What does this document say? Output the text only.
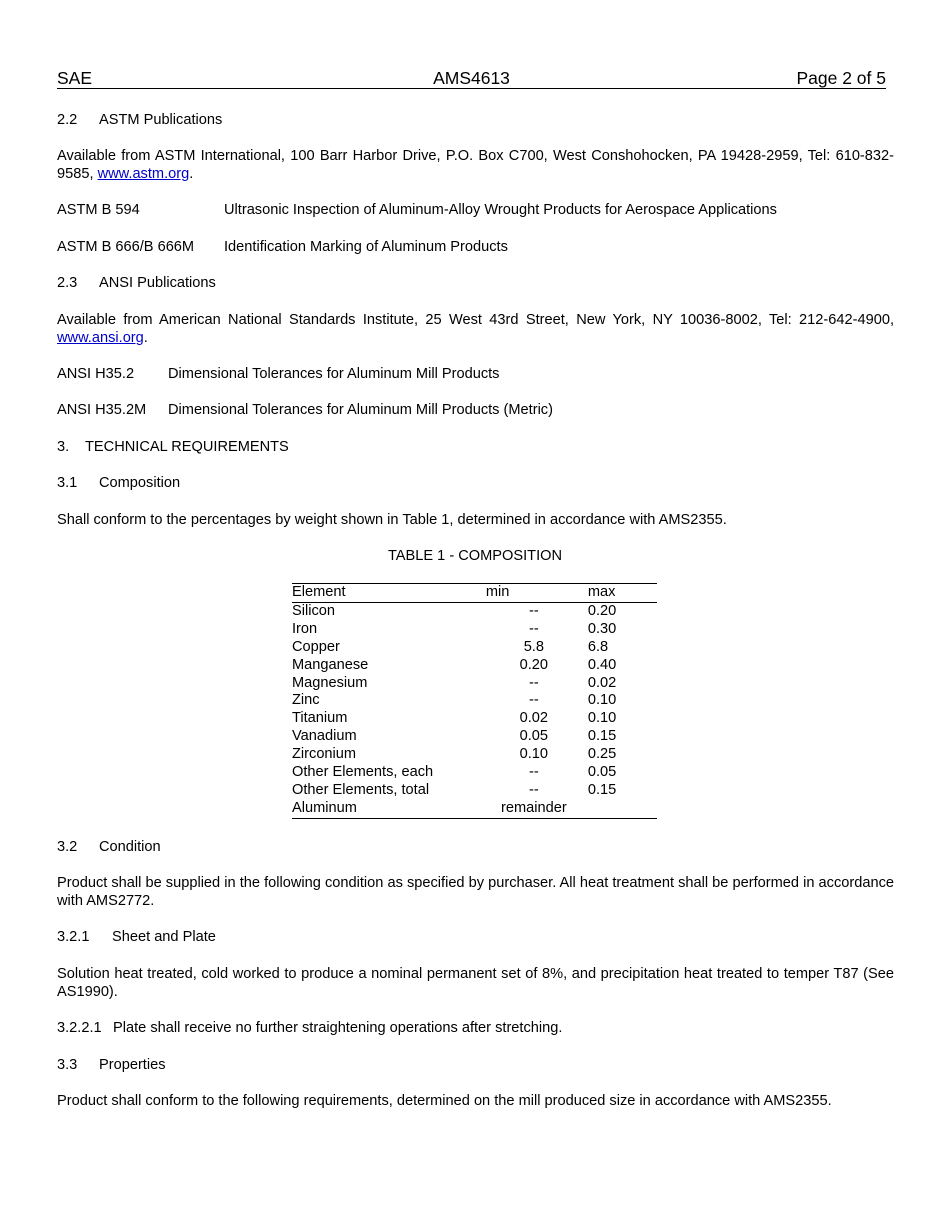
SAE	AMS4613	Page 2 of 5
2.2 ASTM Publications
Available from ASTM International, 100 Barr Harbor Drive, P.O. Box C700, West Conshohocken, PA 19428-2959, Tel: 610-832-9585, www.astm.org.
ASTM B 594	Ultrasonic Inspection of Aluminum-Alloy Wrought Products for Aerospace Applications
ASTM B 666/B 666M Identification Marking of Aluminum Products
2.3 ANSI Publications
Available from American National Standards Institute, 25 West 43rd Street, New York, NY 10036-8002, Tel: 212-642-4900, www.ansi.org.
ANSI H35.2 Dimensional Tolerances for Aluminum Mill Products
ANSI H35.2M Dimensional Tolerances for Aluminum Mill Products (Metric)
3. TECHNICAL REQUIREMENTS
3.1 Composition
Shall conform to the percentages by weight shown in Table 1, determined in accordance with AMS2355.
TABLE 1 - COMPOSITION
Element	min	max
Silicon	--	0.20
Iron	--	0.30
Copper	5.8	6.8
Manganese	0.20	0.40
Magnesium	--	0.02
Zinc	--	0.10
Titanium	0.02	0.10
Vanadium	0.05	0.15
Zirconium	0.10	0.25
Other Elements, each	--	0.05
Other Elements, total	--	0.15
Aluminum	remainder	
3.2 Condition
Product shall be supplied in the following condition as specified by purchaser. All heat treatment shall be performed in accordance with AMS2772.
3.2.1 Sheet and Plate
Solution heat treated, cold worked to produce a nominal permanent set of 8%, and precipitation heat treated to temper T87 (See AS1990).
3.2.2.1 Plate shall receive no further straightening operations after stretching.
3.3 Properties
Product shall conform to the following requirements, determined on the mill produced size in accordance with AMS2355.
